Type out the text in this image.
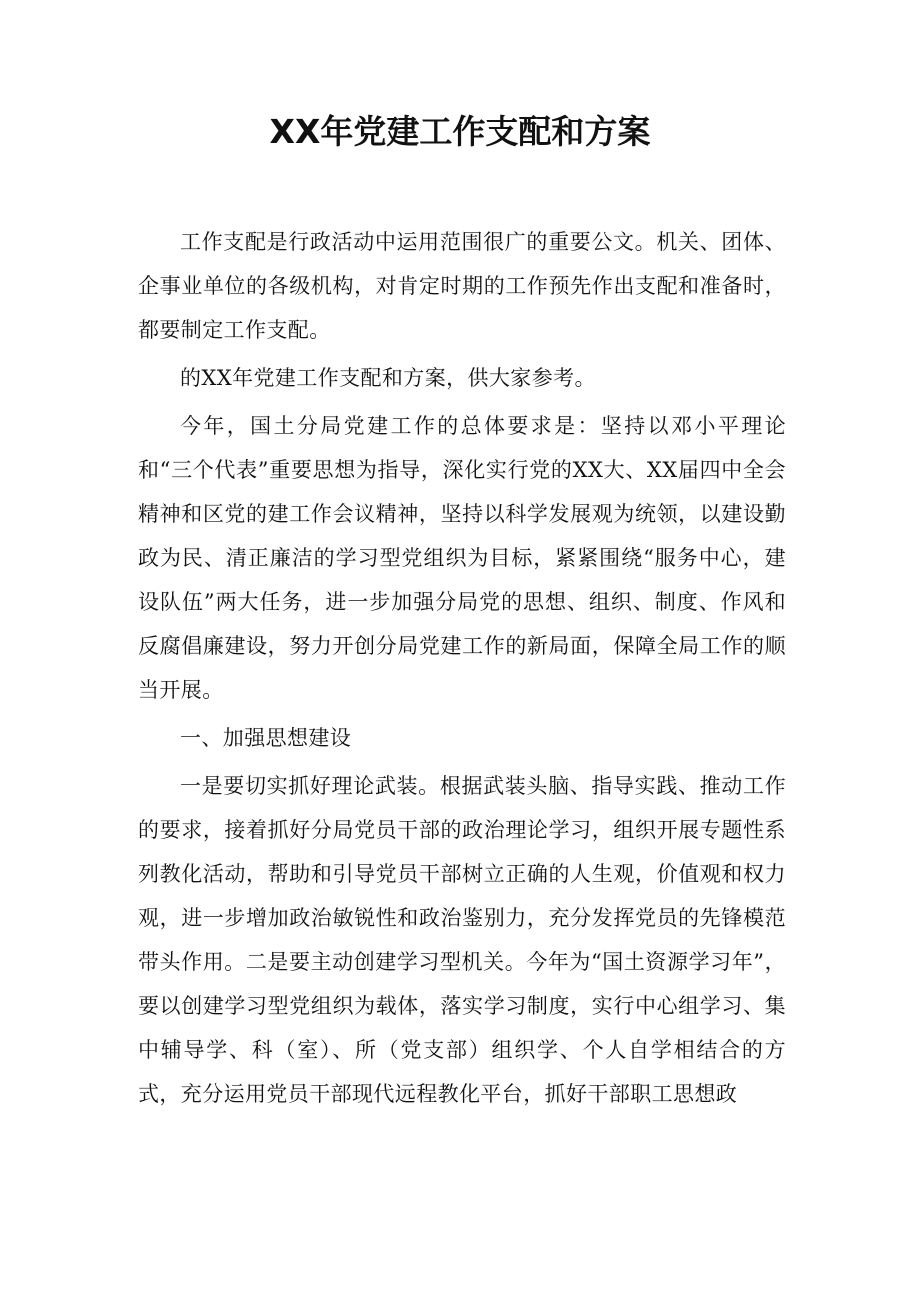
XX年党建工作支配和方案

工作支配是行政活动中运用范围很广的重要公文。机关、团体、企事业单位的各级机构，对肯定时期的工作预先作出支配和准备时，都要制定工作支配。

的XX年党建工作支配和方案，供大家参考。

今年，国土分局党建工作的总体要求是：坚持以邓小平理论和“三个代表”重要思想为指导，深化实行党的XX大、XX届四中全会精神和区党的建工作会议精神，坚持以科学发展观为统领，以建设勤政为民、清正廉洁的学习型党组织为目标，紧紧围绕“服务中心，建设队伍”两大任务，进一步加强分局党的思想、组织、制度、作风和反腐倡廉建设，努力开创分局党建工作的新局面，保障全局工作的顺当开展。

一、加强思想建设

一是要切实抓好理论武装。根据武装头脑、指导实践、推动工作的要求，接着抓好分局党员干部的政治理论学习，组织开展专题性系列教化活动，帮助和引导党员干部树立正确的人生观，价值观和权力观，进一步增加政治敏锐性和政治鉴别力，充分发挥党员的先锋模范带头作用。二是要主动创建学习型机关。今年为“国土资源学习年”，要以创建学习型党组织为载体，落实学习制度，实行中心组学习、集中辅导学、科（室）、所（党支部）组织学、个人自学相结合的方式，充分运用党员干部现代远程教化平台，抓好干部职工思想政
